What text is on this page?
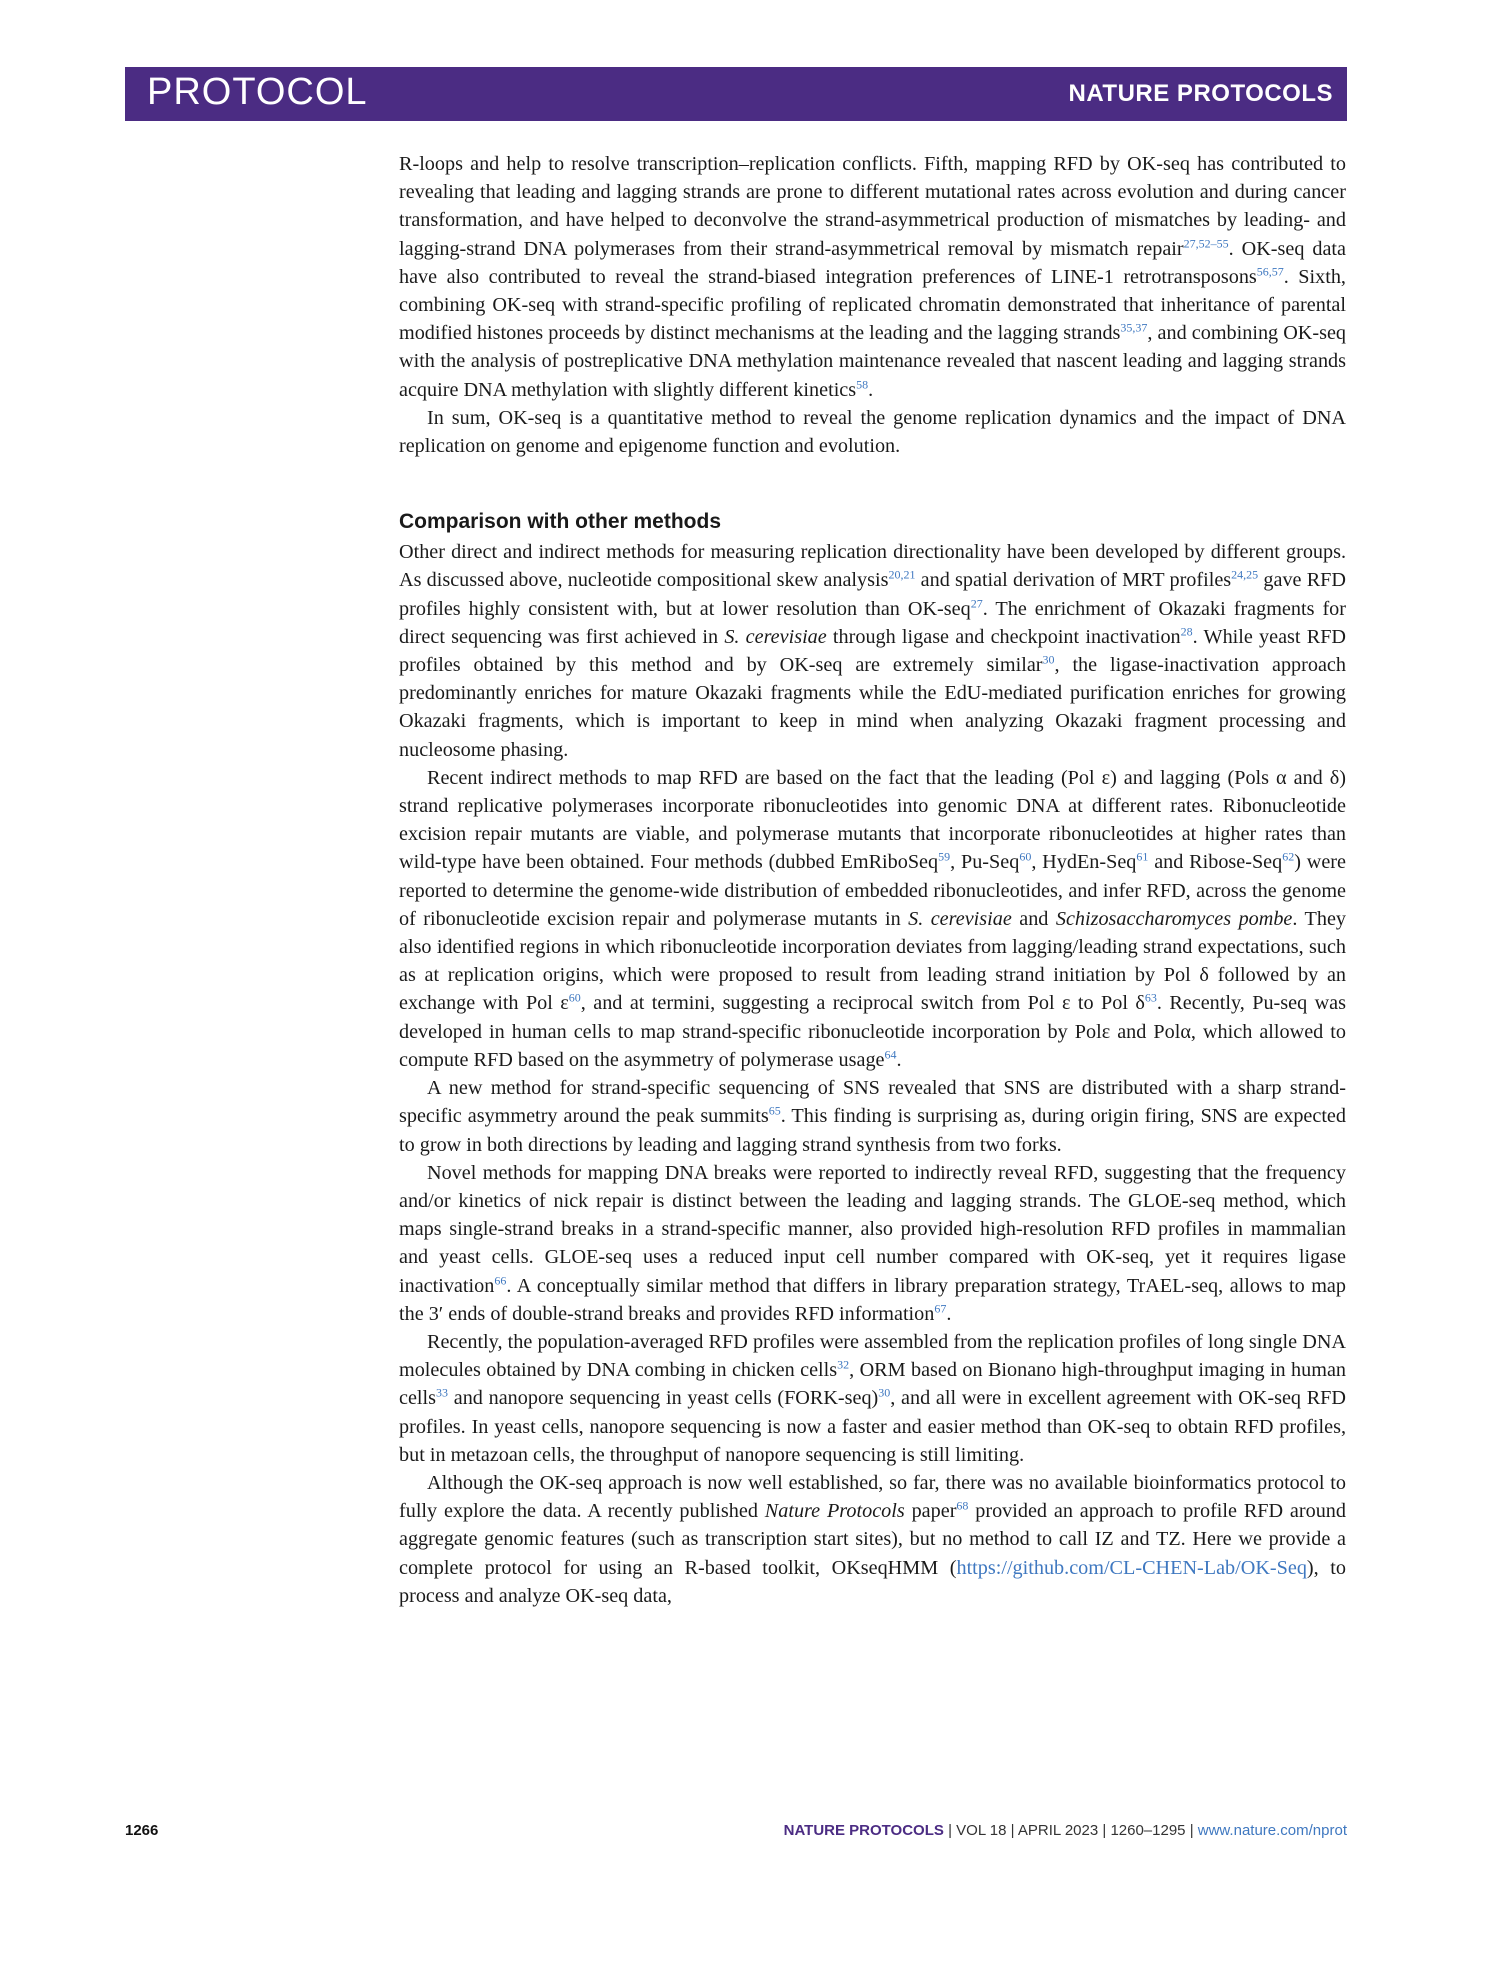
PROTOCOL	NATURE PROTOCOLS

R-loops and help to resolve transcription–replication conflicts. Fifth, mapping RFD by OK-seq has contributed to revealing that leading and lagging strands are prone to different mutational rates across evolution and during cancer transformation, and have helped to deconvolve the strand-asymmetrical production of mismatches by leading- and lagging-strand DNA polymerases from their strand-asymmetrical removal by mismatch repair$^{27,52-55}$. OK-seq data have also contributed to reveal the strand-biased integration preferences of LINE-1 retrotransposons$^{56,57}$. Sixth, combining OK-seq with strand-specific profiling of replicated chromatin demonstrated that inheritance of parental modified histones proceeds by distinct mechanisms at the leading and the lagging strands$^{35,37}$, and combining OK-seq with the analysis of postreplicative DNA methylation maintenance revealed that nascent leading and lagging strands acquire DNA methylation with slightly different kinetics$^{58}$.

In sum, OK-seq is a quantitative method to reveal the genome replication dynamics and the impact of DNA replication on genome and epigenome function and evolution.

Comparison with other methods

Other direct and indirect methods for measuring replication directionality have been developed by different groups. As discussed above, nucleotide compositional skew analysis$^{20,21}$ and spatial derivation of MRT profiles$^{24,25}$ gave RFD profiles highly consistent with, but at lower resolution than OK-seq$^{27}$. The enrichment of Okazaki fragments for direct sequencing was first achieved in S. cerevisiae through ligase and checkpoint inactivation$^{28}$. While yeast RFD profiles obtained by this method and by OK-seq are extremely similar$^{30}$, the ligase-inactivation approach predominantly enriches for mature Okazaki fragments while the EdU-mediated purification enriches for growing Okazaki fragments, which is important to keep in mind when analyzing Okazaki fragment processing and nucleosome phasing.

Recent indirect methods to map RFD are based on the fact that the leading (Pol ε) and lagging (Pols α and δ) strand replicative polymerases incorporate ribonucleotides into genomic DNA at different rates. Ribonucleotide excision repair mutants are viable, and polymerase mutants that incorporate ribonucleotides at higher rates than wild-type have been obtained. Four methods (dubbed EmRiboSeq$^{59}$, Pu-Seq$^{60}$, HydEn-Seq$^{61}$ and Ribose-Seq$^{62}$) were reported to determine the genome-wide distribution of embedded ribonucleotides, and infer RFD, across the genome of ribonucleotide excision repair and polymerase mutants in S. cerevisiae and Schizosaccharomyces pombe. They also identified regions in which ribonucleotide incorporation deviates from lagging/leading strand expectations, such as at replication origins, which were proposed to result from leading strand initiation by Pol δ followed by an exchange with Pol ε$^{60}$, and at termini, suggesting a reciprocal switch from Pol ε to Pol δ$^{63}$. Recently, Pu-seq was developed in human cells to map strand-specific ribonucleotide incorporation by Polε and Polα, which allowed to compute RFD based on the asymmetry of polymerase usage$^{64}$.

A new method for strand-specific sequencing of SNS revealed that SNS are distributed with a sharp strand-specific asymmetry around the peak summits$^{65}$. This finding is surprising as, during origin firing, SNS are expected to grow in both directions by leading and lagging strand synthesis from two forks.

Novel methods for mapping DNA breaks were reported to indirectly reveal RFD, suggesting that the frequency and/or kinetics of nick repair is distinct between the leading and lagging strands. The GLOE-seq method, which maps single-strand breaks in a strand-specific manner, also provided high-resolution RFD profiles in mammalian and yeast cells. GLOE-seq uses a reduced input cell number compared with OK-seq, yet it requires ligase inactivation$^{66}$. A conceptually similar method that differs in library preparation strategy, TrAEL-seq, allows to map the 3′ ends of double-strand breaks and provides RFD information$^{67}$.

Recently, the population-averaged RFD profiles were assembled from the replication profiles of long single DNA molecules obtained by DNA combing in chicken cells$^{32}$, ORM based on Bionano high-throughput imaging in human cells$^{33}$ and nanopore sequencing in yeast cells (FORK-seq)$^{30}$, and all were in excellent agreement with OK-seq RFD profiles. In yeast cells, nanopore sequencing is now a faster and easier method than OK-seq to obtain RFD profiles, but in metazoan cells, the throughput of nanopore sequencing is still limiting.

Although the OK-seq approach is now well established, so far, there was no available bioinformatics protocol to fully explore the data. A recently published Nature Protocols paper$^{68}$ provided an approach to profile RFD around aggregate genomic features (such as transcription start sites), but no method to call IZ and TZ. Here we provide a complete protocol for using an R-based toolkit, OKseqHMM (https://github.com/CL-CHEN-Lab/OK-Seq), to process and analyze OK-seq data,

1266	NATURE PROTOCOLS | VOL 18 | APRIL 2023 | 1260–1295 | www.nature.com/nprot
